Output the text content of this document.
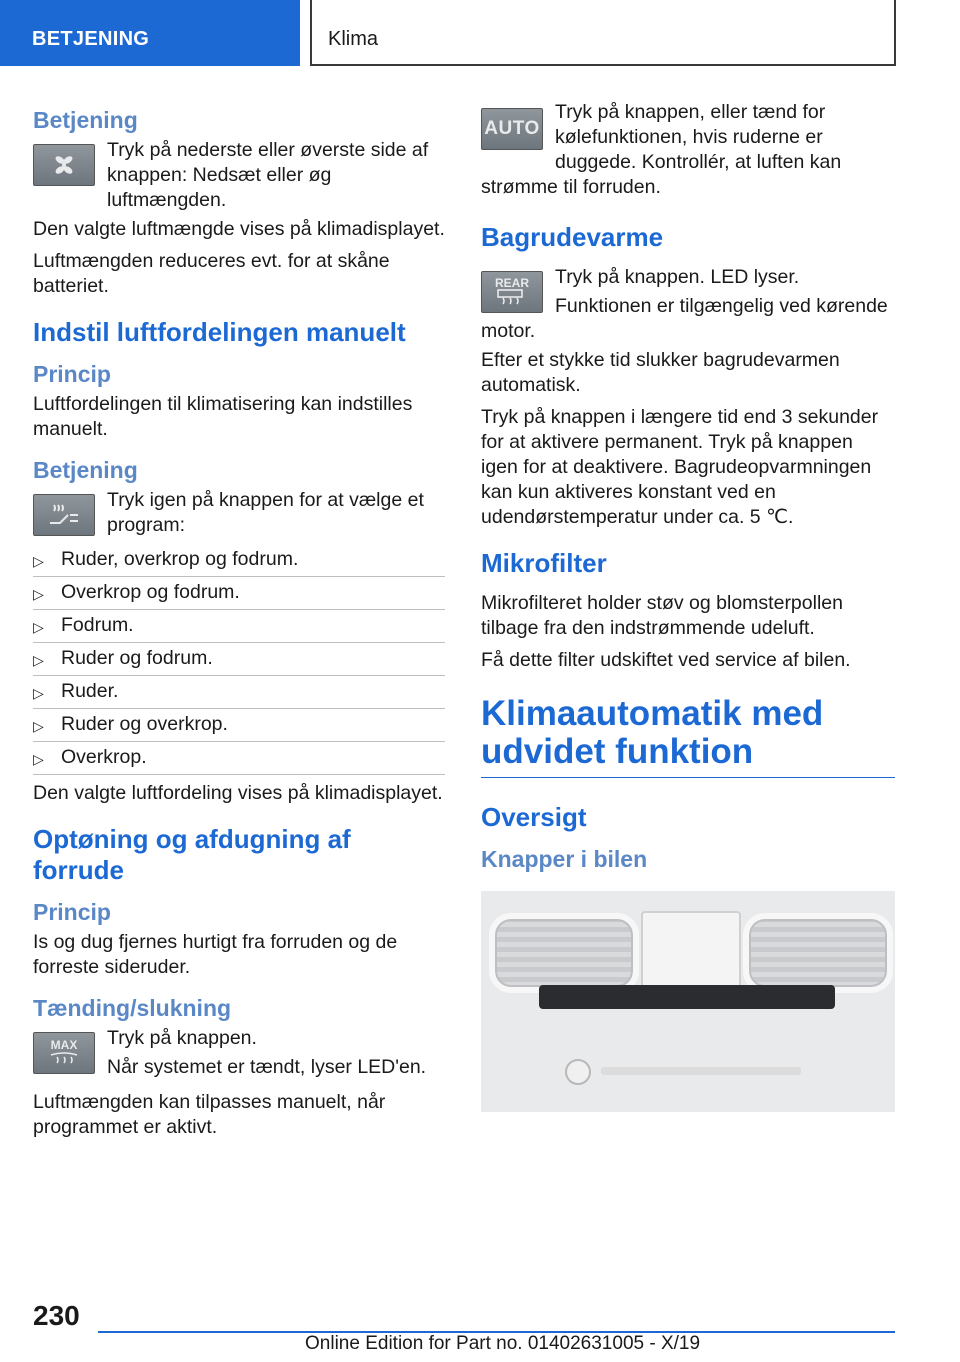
BETJENING	Klima
Betjening

Tryk på nederste eller øverste side af knappen: Nedsæt eller øg luftmængden.

Den valgte luftmængde vises på klimadisplayet.

Luftmængden reduceres evt. for at skåne batteriet.

Indstil luftfordelingen manuelt
Princip

Luftfordelingen til klimatisering kan indstilles manuelt.

Betjening

Tryk igen på knappen for at vælge et program:

▷ Ruder, overkrop og fodrum.
▷ Overkrop og fodrum.
▷ Fodrum.
▷ Ruder og fodrum.
▷ Ruder.
▷ Ruder og overkrop.
▷ Overkrop.

Den valgte luftfordeling vises på klimadisplayet.

Optøning og afdugning af forrude
Princip

Is og dug fjernes hurtigt fra forruden og de forreste sideruder.

Tænding/slukning
MAX	Tryk på knappen.

Når systemet er tændt, lyser LED'en.

Luftmængden kan tilpasses manuelt, når programmet er aktivt.

AUTO

Tryk på knappen, eller tænd for kølefunktionen, hvis ruderne er duggede. Kontrollér, at luften kan strømme til forruden.

Bagrudevarme
REAR	Tryk på knappen. LED lyser.

Funktionen er tilgængelig ved kørende motor.

Efter et stykke tid slukker bagrudevarmen automatisk.

Tryk på knappen i længere tid end 3 sekunder for at aktivere permanent. Tryk på knappen igen for at deaktivere. Bagrudeopvarmningen kan kun aktiveres konstant ved en udendørstemperatur under ca. 5 ℃.

Mikrofilter

Mikrofilteret holder støv og blomsterpollen tilbage fra den indstrømmende udeluft.

Få dette filter udskiftet ved service af bilen.

Klimaautomatik med udvidet funktion
Oversigt
Knapper i bilen
230
Online Edition for Part no. 01402631005 - X/19
